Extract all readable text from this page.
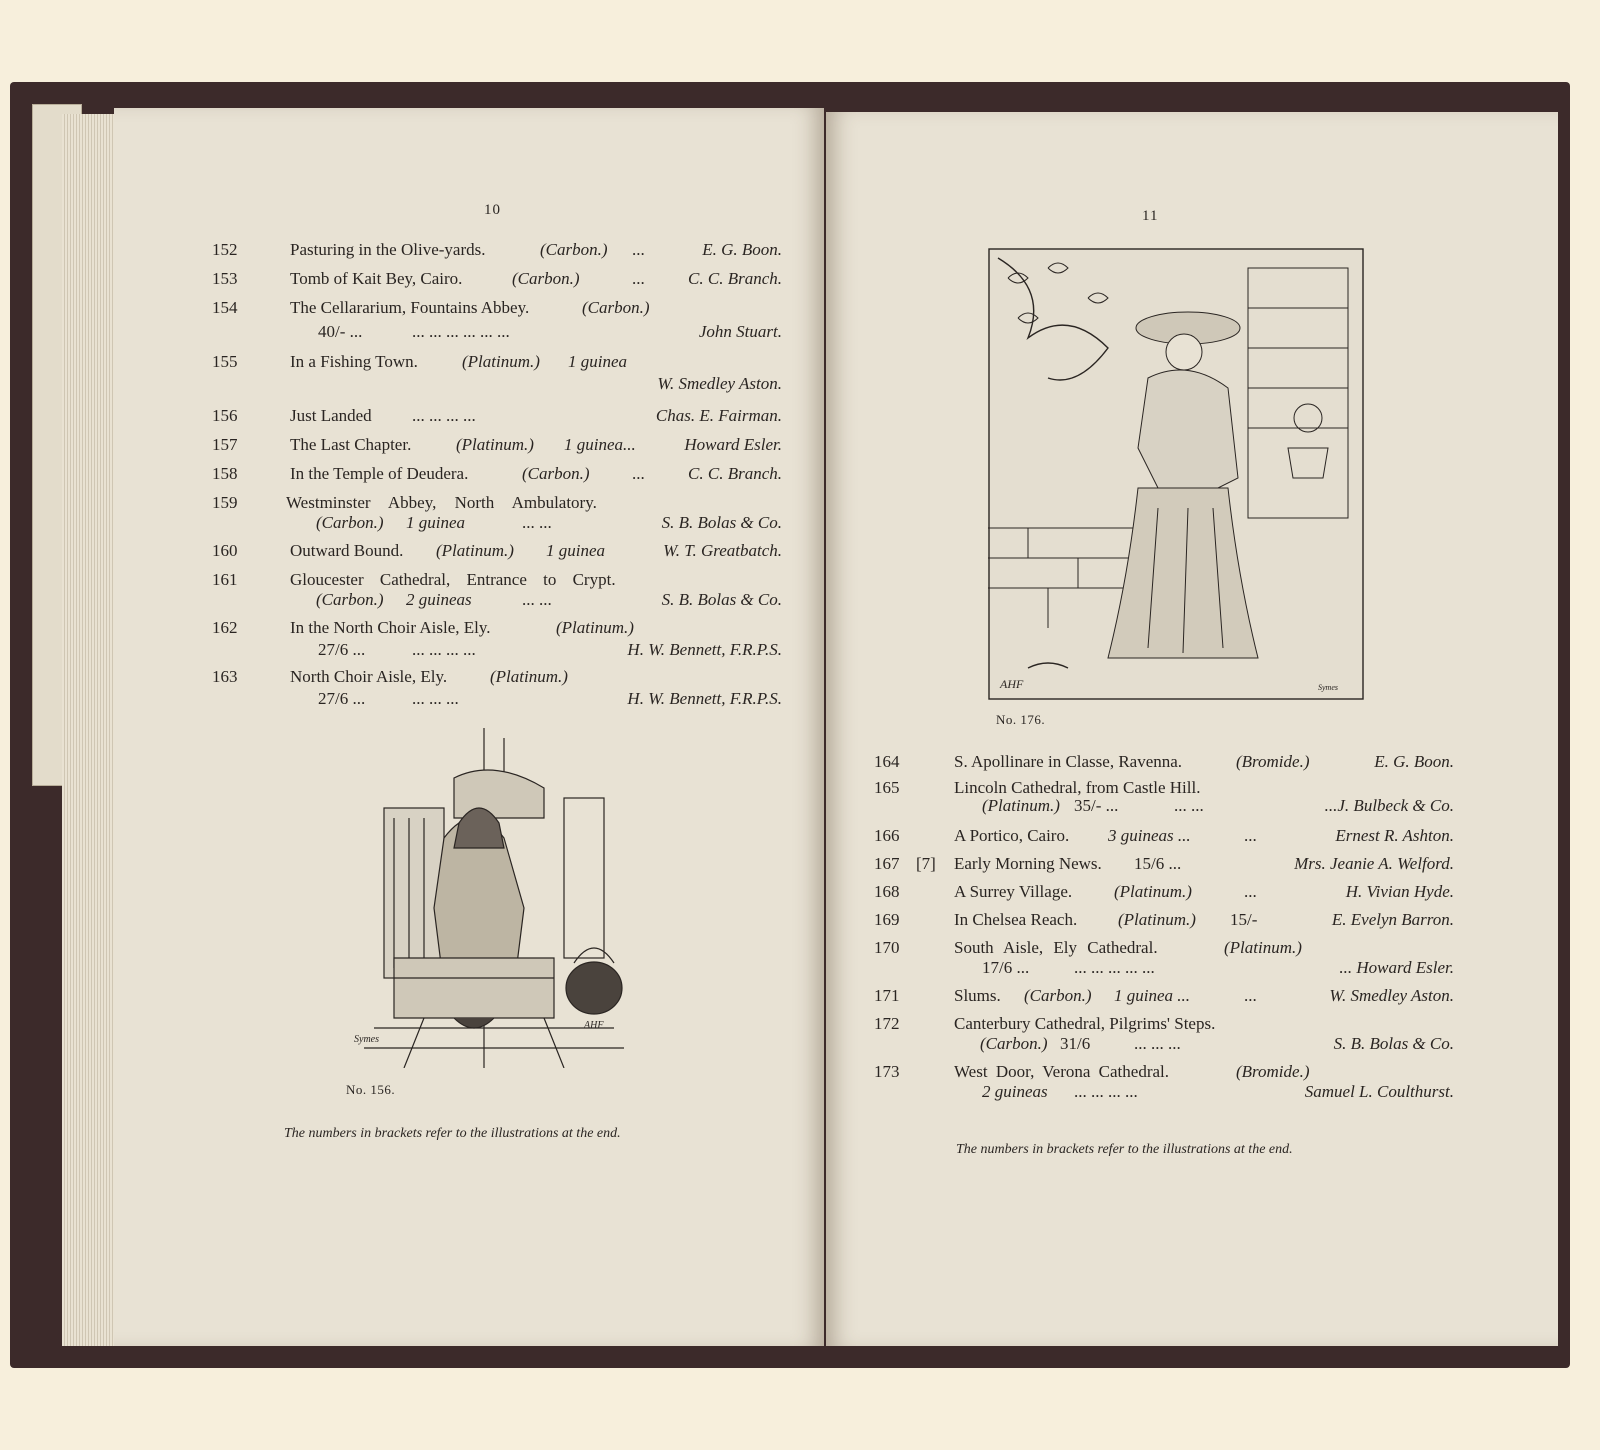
10
152	Pasturing in the Olive-yards.	(Carbon.) ...	E. G. Boon.
153	Tomb of Kait Bey, Cairo.	(Carbon.)	...	C. C. Branch.
154	The Cellararium, Fountains Abbey.	(Carbon.)
40/- ...	... ... ... ... ... ...	John Stuart.
155	In a Fishing Town.	(Platinum.) 1 guinea
W. Smedley Aston.
156	Just Landed ... ... ... ...	Chas. E. Fairman.
157	The Last Chapter.	(Platinum.) 1 guinea...	Howard Esler.
158	In the Temple of Deudera.	(Carbon.) ...	C. C. Branch.
159	Westminster Abbey, North Ambulatory.
(Carbon.) 1 guinea	... ...	S. B. Bolas & Co.
160	Outward Bound. (Platinum.) 1 guinea	W. T. Greatbatch.
161	Gloucester Cathedral, Entrance to Crypt.
(Carbon.) 2 guineas	... ...	S. B. Bolas & Co.
162	In the North Choir Aisle, Ely.	(Platinum.)
27/6 ...	... ... ... ...	H. W. Bennett, F.R.P.S.
163	North Choir Aisle, Ely.	(Platinum.)
27/6 ...	... ... ...	H. W. Bennett, F.R.P.S.
Symes
AHF
No. 156.
The numbers in brackets refer to the illustrations at the end.
11
AHF	Symes
No. 176.
164	S. Apollinare in Classe, Ravenna.	(Bromide.)	E. G. Boon.
165	Lincoln Cathedral, from Castle Hill.
(Platinum.) 35/- ...	... ...	...J. Bulbeck & Co.
166	A Portico, Cairo. 3 guineas ...	...	Ernest R. Ashton.
167 [7] Early Morning News. 15/6 ...	Mrs. Jeanie A. Welford.
168	A Surrey Village. (Platinum.)	...	H. Vivian Hyde.
169	In Chelsea Reach. (Platinum.) 15/-	E. Evelyn Barron.
170	South Aisle, Ely Cathedral.	(Platinum.)
17/6 ...	... ... ... ... ...	... Howard Esler.
171	Slums. (Carbon.) 1 guinea ...	...	W. Smedley Aston.
172	Canterbury Cathedral, Pilgrims' Steps.
(Carbon.) 31/6	... ... ...	S. B. Bolas & Co.
173	West Door, Verona Cathedral.	(Bromide.)
2 guineas ... ... ... ...	Samuel L. Coulthurst.
The numbers in brackets refer to the illustrations at the end.
